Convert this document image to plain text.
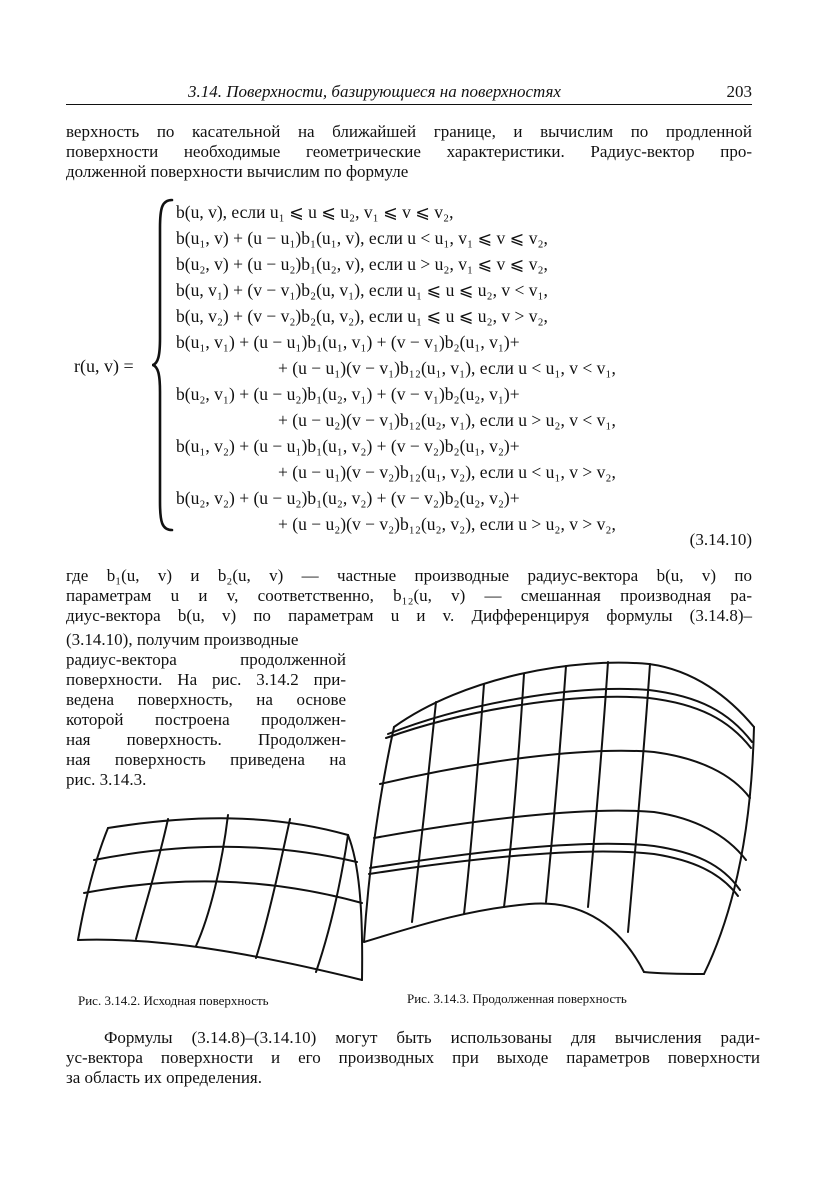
3.14. Поверхности, базирующиеся на поверхностях	203
верхность по касательной на ближайшей границе, и вычислим по продленной
поверхности необходимые геометрические характеристики. Радиус-вектор про-
долженной поверхности вычислим по формуле
r(u, v) =
b(u, v), если u₁ ⩽ u ⩽ u₂, v₁ ⩽ v ⩽ v₂,
b(u₁, v) + (u − u₁)b₁(u₁, v), если u < u₁, v₁ ⩽ v ⩽ v₂,
b(u₂, v) + (u − u₂)b₁(u₂, v), если u > u₂, v₁ ⩽ v ⩽ v₂,
b(u, v₁) + (v − v₁)b₂(u, v₁), если u₁ ⩽ u ⩽ u₂, v < v₁,
b(u, v₂) + (v − v₂)b₂(u, v₂), если u₁ ⩽ u ⩽ u₂, v > v₂,
b(u₁, v₁) + (u − u₁)b₁(u₁, v₁) + (v − v₁)b₂(u₁, v₁)+
+ (u − u₁)(v − v₁)b₁₂(u₁, v₁), если u < u₁, v < v₁,
b(u₂, v₁) + (u − u₂)b₁(u₂, v₁) + (v − v₁)b₂(u₂, v₁)+
+ (u − u₂)(v − v₁)b₁₂(u₂, v₁), если u > u₂, v < v₁,
b(u₁, v₂) + (u − u₁)b₁(u₁, v₂) + (v − v₂)b₂(u₁, v₂)+
+ (u − u₁)(v − v₂)b₁₂(u₁, v₂), если u < u₁, v > v₂,
b(u₂, v₂) + (u − u₂)b₁(u₂, v₂) + (v − v₂)b₂(u₂, v₂)+
+ (u − u₂)(v − v₂)b₁₂(u₂, v₂), если u > u₂, v > v₂,
(3.14.10)
где b₁(u, v) и b₂(u, v) — частные производные радиус-вектора b(u, v) по
параметрам u и v, соответственно, b₁₂(u, v) — смешанная производная ра-
диус-вектора b(u, v) по параметрам u и v. Дифференцируя формулы (3.14.8)–
(3.14.10), получим производные
радиус-вектора продолженной
поверхности. На рис. 3.14.2 при-
ведена поверхность, на основе
которой построена продолжен-
ная поверхность. Продолжен-
ная поверхность приведена на
рис. 3.14.3.
Рис. 3.14.2. Исходная поверхность	Рис. 3.14.3. Продолженная поверхность
Формулы (3.14.8)–(3.14.10) могут быть использованы для вычисления ради-
ус-вектора поверхности и его производных при выходе параметров поверхности
за область их определения.
